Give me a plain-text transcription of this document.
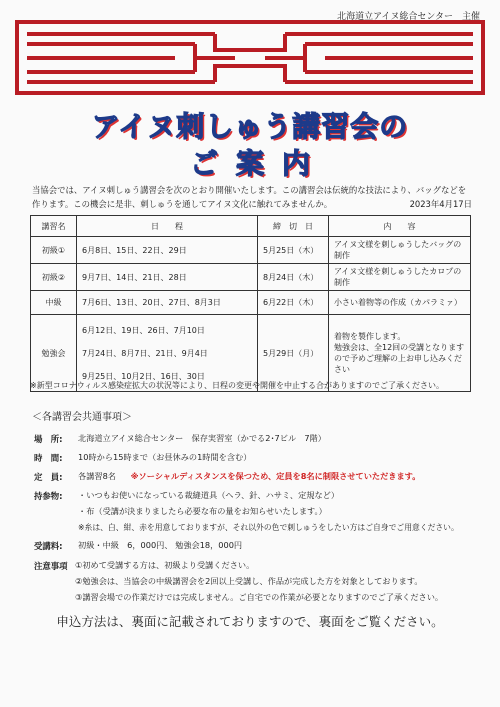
北海道立アイヌ総合センター　主催
アイヌ刺しゅう講習会の
ご案内
当協会では、アイヌ刺しゅう講習会を次のとおり開催いたします。この講習会は伝統的な技法により、バッグなどを作ります。この機会に是非、刺しゅうを通してアイヌ文化に触れてみませんか。	2023年4月17日
講習名	日　　程	締　切　日	内　　容
初級①	6月8日、15日、22日、29日	5月25日（木）	アイヌ文様を刺しゅうしたバッグの制作
初級②	9月7日、14日、21日、28日	8月24日（木）	アイヌ文様を刺しゅうしたカロプの制作
中級	7月6日、13日、20日、27日、8月3日	6月22日（木）	小さい着物等の作成（カパラミァ）
勉強会	6月12日、19日、26日、7月10日
7月24日、8月7日、21日、9月4日
9月25日、10月2日、16日、30日	5月29日（月）	着物を製作します。
勉強会は、全12回の受講となりますので予めご理解の上お申し込みください
※新型コロナウィルス感染症拡大の状況等により、日程の変更や開催を中止する合がありますのでご了承ください。
＜各講習会共通事項＞
場　所: 北海道立アイヌ総合センター　保存実習室（かでる2･7ビル　7階）
時　間: 10時から15時まで（お昼休みの1時間を含む）
定　員: 各講習8名 ※ソーシャルディスタンスを保つため、定員を8名に制限させていただきます。
持参物: ・いつもお使いになっている裁縫道具（ヘラ、針、ハサミ、定規など）
・布（受講が決まりましたら必要な布の量をお知らせいたします。）
※糸は、白、紺、赤を用意しておりますが、それ以外の色で刺しゅうをしたい方はご自身でご用意ください。
受講料: 初級・中級　6，000円、 勉強会18，000円
注意事項 ①初めて受講する方は、初級より受講ください。
②勉強会は、当協会の中級講習会を2回以上受講し、作品が完成した方を対象としております。
③講習会場での作業だけでは完成しません。ご自宅での作業が必要となりますのでご了承ください。
申込方法は、裏面に記載されておりますので、裏面をご覧ください。
